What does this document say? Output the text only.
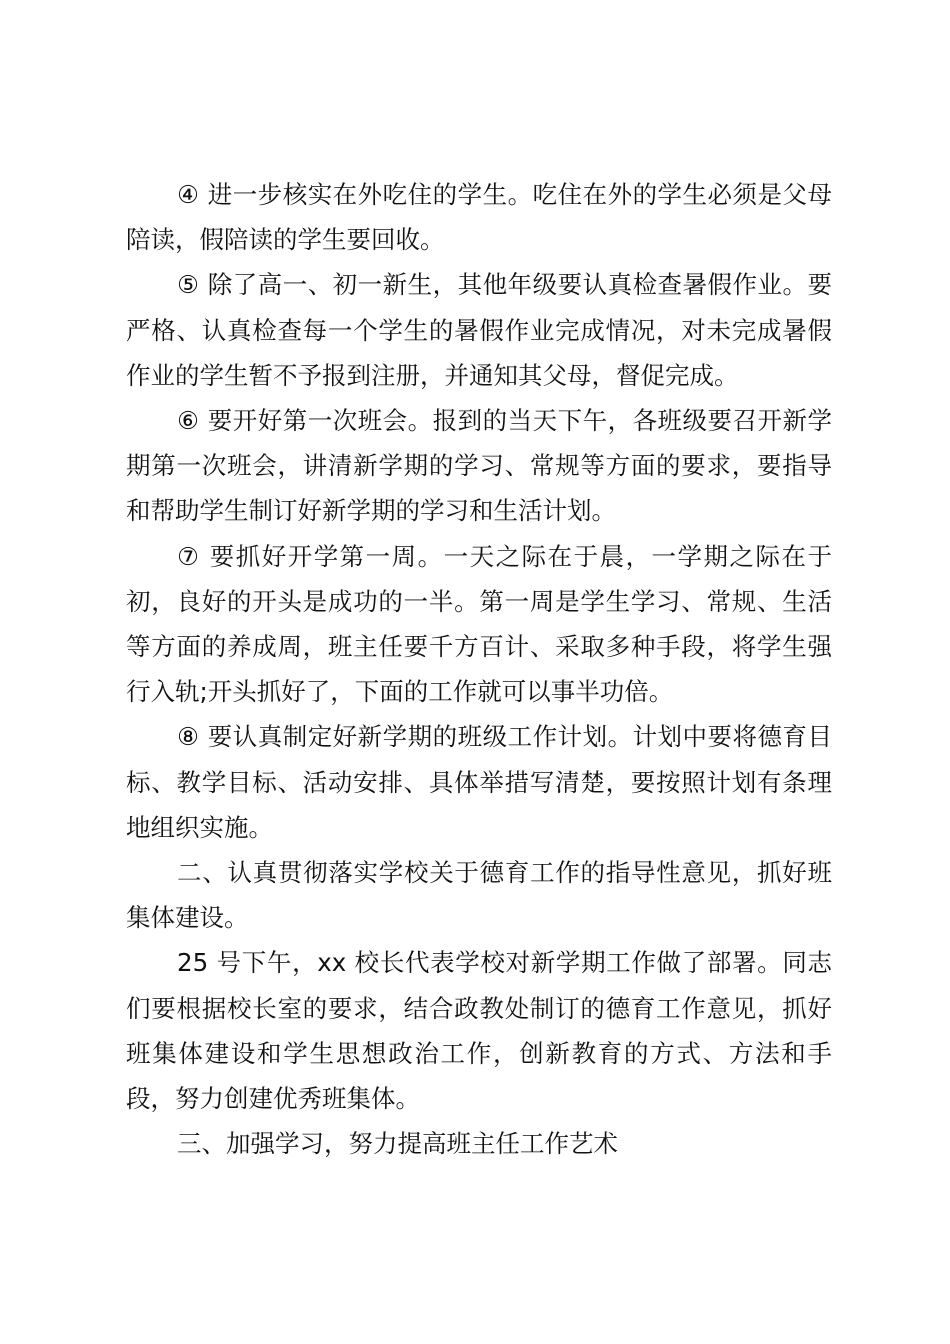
④ 进一步核实在外吃住的学生。吃住在外的学生必须是父母陪读，假陪读的学生要回收。

⑤ 除了高一、初一新生，其他年级要认真检查暑假作业。要严格、认真检查每一个学生的暑假作业完成情况，对未完成暑假作业的学生暂不予报到注册，并通知其父母，督促完成。

⑥ 要开好第一次班会。报到的当天下午，各班级要召开新学期第一次班会，讲清新学期的学习、常规等方面的要求，要指导和帮助学生制订好新学期的学习和生活计划。

⑦ 要抓好开学第一周。一天之际在于晨，一学期之际在于初，良好的开头是成功的一半。第一周是学生学习、常规、生活等方面的养成周，班主任要千方百计、采取多种手段，将学生强行入轨;开头抓好了，下面的工作就可以事半功倍。

⑧ 要认真制定好新学期的班级工作计划。计划中要将德育目标、教学目标、活动安排、具体举措写清楚，要按照计划有条理地组织实施。

二、认真贯彻落实学校关于德育工作的指导性意见，抓好班集体建设。

25 号下午，xx 校长代表学校对新学期工作做了部署。同志们要根据校长室的要求，结合政教处制订的德育工作意见，抓好班集体建设和学生思想政治工作，创新教育的方式、方法和手段，努力创建优秀班集体。

三、加强学习，努力提高班主任工作艺术
